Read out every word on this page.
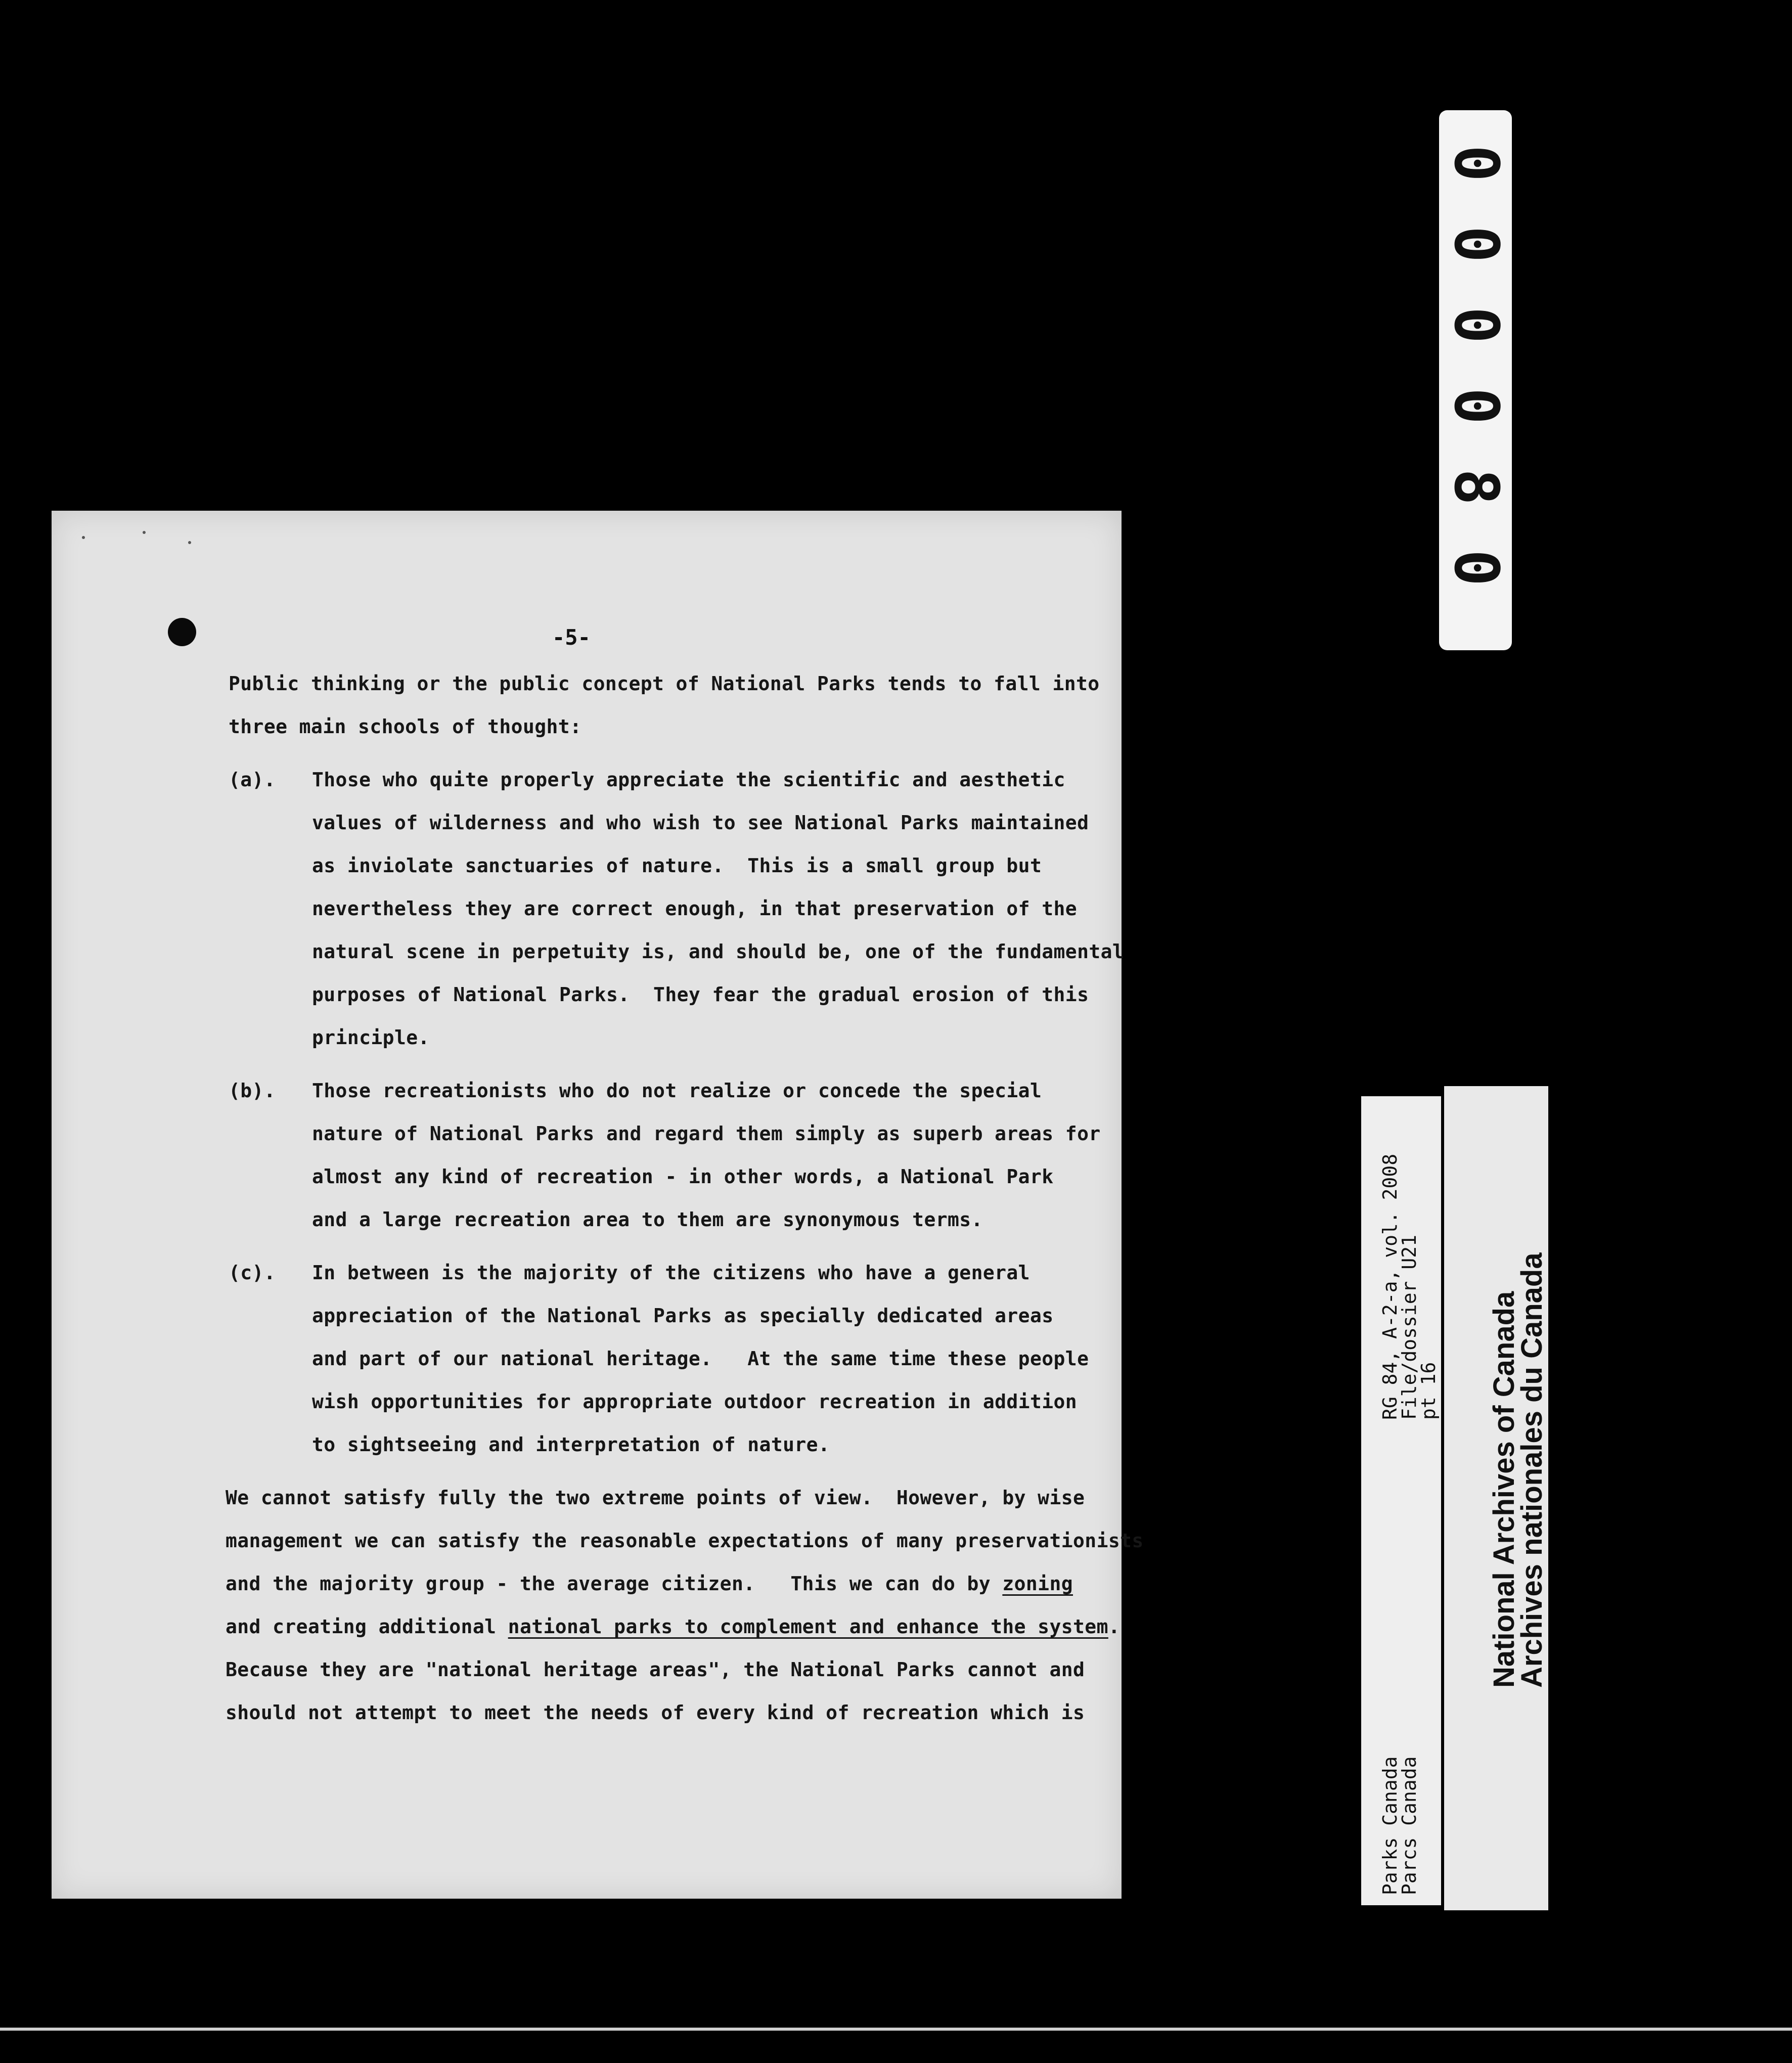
-5-
Public thinking or the public concept of National Parks tends to fall into
three main schools of thought:
(a). Those who quite properly appreciate the scientific and aesthetic
values of wilderness and who wish to see National Parks maintained
as inviolate sanctuaries of nature.  This is a small group but
nevertheless they are correct enough, in that preservation of the
natural scene in perpetuity is, and should be, one of the fundamental
purposes of National Parks.  They fear the gradual erosion of this
principle.
(b). Those recreationists who do not realize or concede the special
nature of National Parks and regard them simply as superb areas for
almost any kind of recreation - in other words, a National Park
and a large recreation area to them are synonymous terms.
(c). In between is the majority of the citizens who have a general
appreciation of the National Parks as specially dedicated areas
and part of our national heritage.   At the same time these people
wish opportunities for appropriate outdoor recreation in addition
to sightseeing and interpretation of nature.
We cannot satisfy fully the two extreme points of view.  However, by wise
management we can satisfy the reasonable expectations of many preservationists
and the majority group - the average citizen.   This we can do by zoning
and creating additional national parks to complement and enhance the system.
Because they are "national heritage areas", the National Parks cannot and
should not attempt to meet the needs of every kind of recreation which is
0
0
0
0
8
0
RG 84, A-2-a, vol. 2008
File/dossier U21
pt 16
Parks Canada
Parcs Canada
National Archives of Canada
Archives nationales du Canada
